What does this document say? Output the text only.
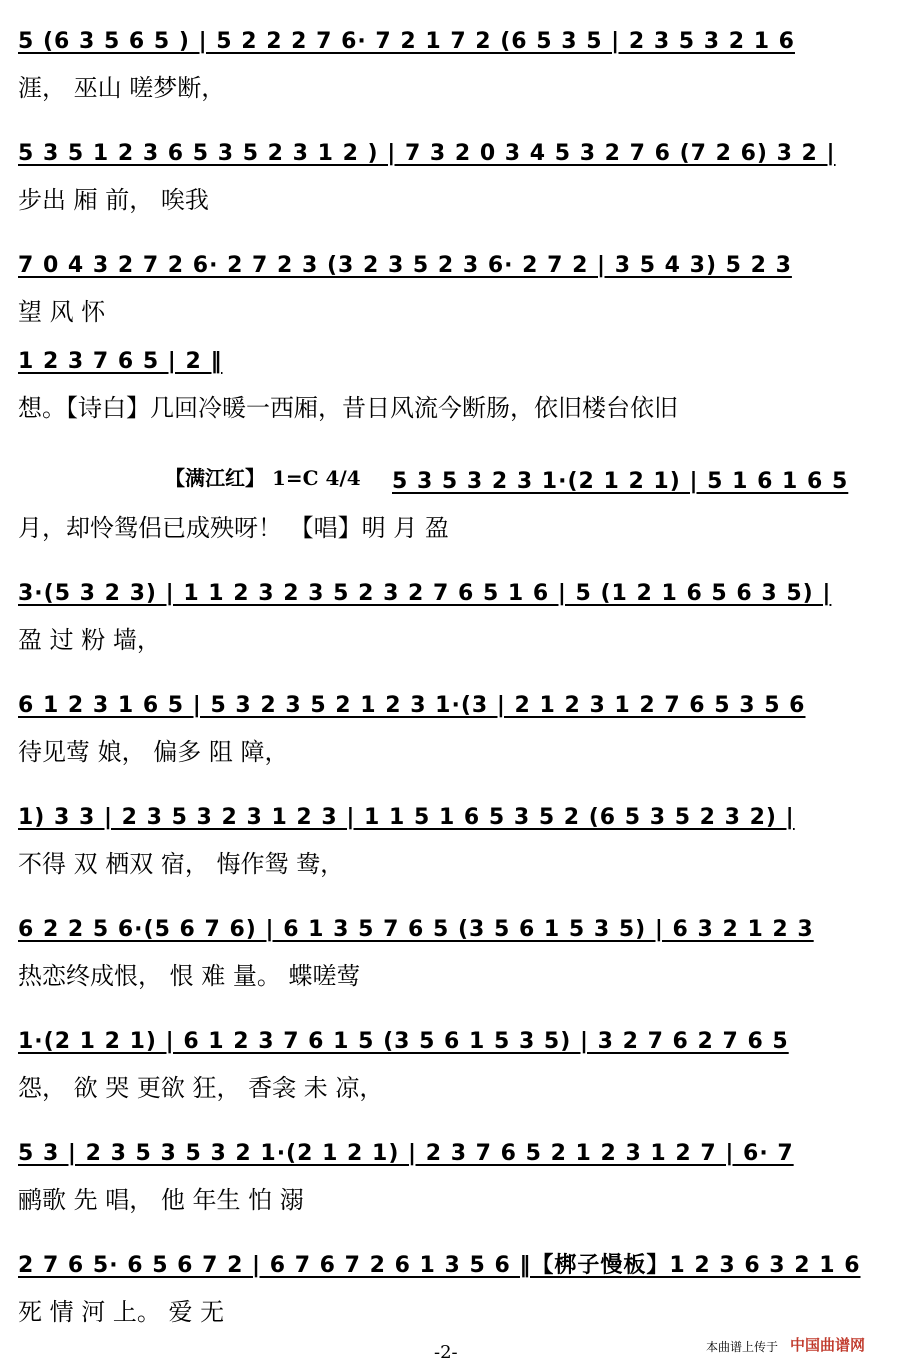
5 (6 3 5 6 5 ) | 5 2 2 2 7 6· 7 2 1 7 2 (6 5 3 5 | 2 3 5 3 2 1 6
涯， 巫山 嗟梦断，
5 3 5 1 2 3 6 5 3 5 2 3 1 2 ) | 7 3 2 0 3 4 5 3 2 7 6 (7 2 6) 3 2 |
步出 厢 前， 唉我
7 0 4 3 2 7 2 6· 2 7 2 3 (3 2 3 5 2 3 6· 2 7 2 | 3 5 4 3) 5 2 3
望 风 怀
1 2 3 7 6 5 | 2 ‖
想。【诗白】几回冷暖一西厢，昔日风流今断肠，依旧楼台依旧
【满江红】 1=C 4/4 5 3 5 3 2 3 1·(2 1 2 1) | 5 1 6 1 6 5
月，却怜鸳侣已成殃呀！ 【唱】明 月 盈
3·(5 3 2 3) | 1 1 2 3 2 3 5 2 3 2 7 6 5 1 6 | 5 (1 2 1 6 5 6 3 5) |
盈 过 粉 墙，
6 1 2 3 1 6 5 | 5 3 2 3 5 2 1 2 3 1·(3 | 2 1 2 3 1 2 7 6 5 3 5 6
待见莺 娘， 偏多 阻 障，
1) 3 3 | 2 3 5 3 2 3 1 2 3 | 1 1 5 1 6 5 3 5 2 (6 5 3 5 2 3 2) |
不得 双 栖双 宿， 悔作鸳 鸯，
6 2 2 5 6·(5 6 7 6) | 6 1 3 5 7 6 5 (3 5 6 1 5 3 5) | 6 3 2 1 2 3
热恋终成恨， 恨 难 量。 蝶嗟莺
1·(2 1 2 1) | 6 1 2 3 7 6 1 5 (3 5 6 1 5 3 5) | 3 2 7 6 2 7 6 5
怨， 欲 哭 更欲 狂， 香衾 未 凉，
5 3 | 2 3 5 3 5 3 2 1·(2 1 2 1) | 2 3 7 6 5 2 1 2 3 1 2 7 | 6· 7
鹂歌 先 唱， 他 年生 怕 溺
2 7 6 5· 6 5 6 7 2 | 6 7 6 7 2 6 1 3 5 6 ‖【梆子慢板】1 2 3 6 3 2 1 6
死 情 河 上。 爱 无
-2-	本曲谱上传于 中国曲谱网
